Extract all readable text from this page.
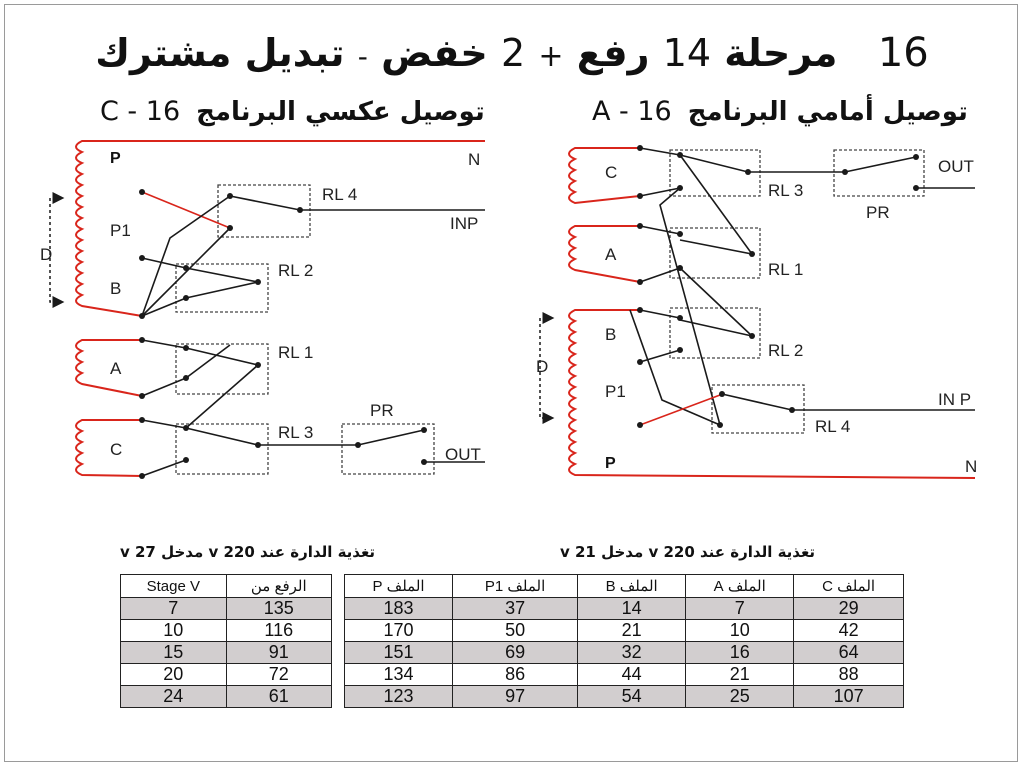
16  مرحلة 14 رفع + 2 خفض - تبديل مشترك
توصيل أمامي البرنامجA - 16
توصيل عكسي البرنامجC - 16
C
A
B
P1
P
D
RL 3
RL 1
RL 2
RL 4
PR
OUT
IN P
N
P
P1
B
A
C
D
RL 4
RL 2
RL 1
RL 3
PR
OUT
INP
N
تغذية الدارة عند v 220 مدخل v 21
تغذية الدارة عند v 220 مدخل v 27
Stage V	الرفع من
7	135
10	116
15	91
20	72
24	61
الملف P	الملف P1	الملف B	الملف A	الملف C
183	37	14	7	29
170	50	21	10	42
151	69	32	16	64
134	86	44	21	88
123	97	54	25	107
